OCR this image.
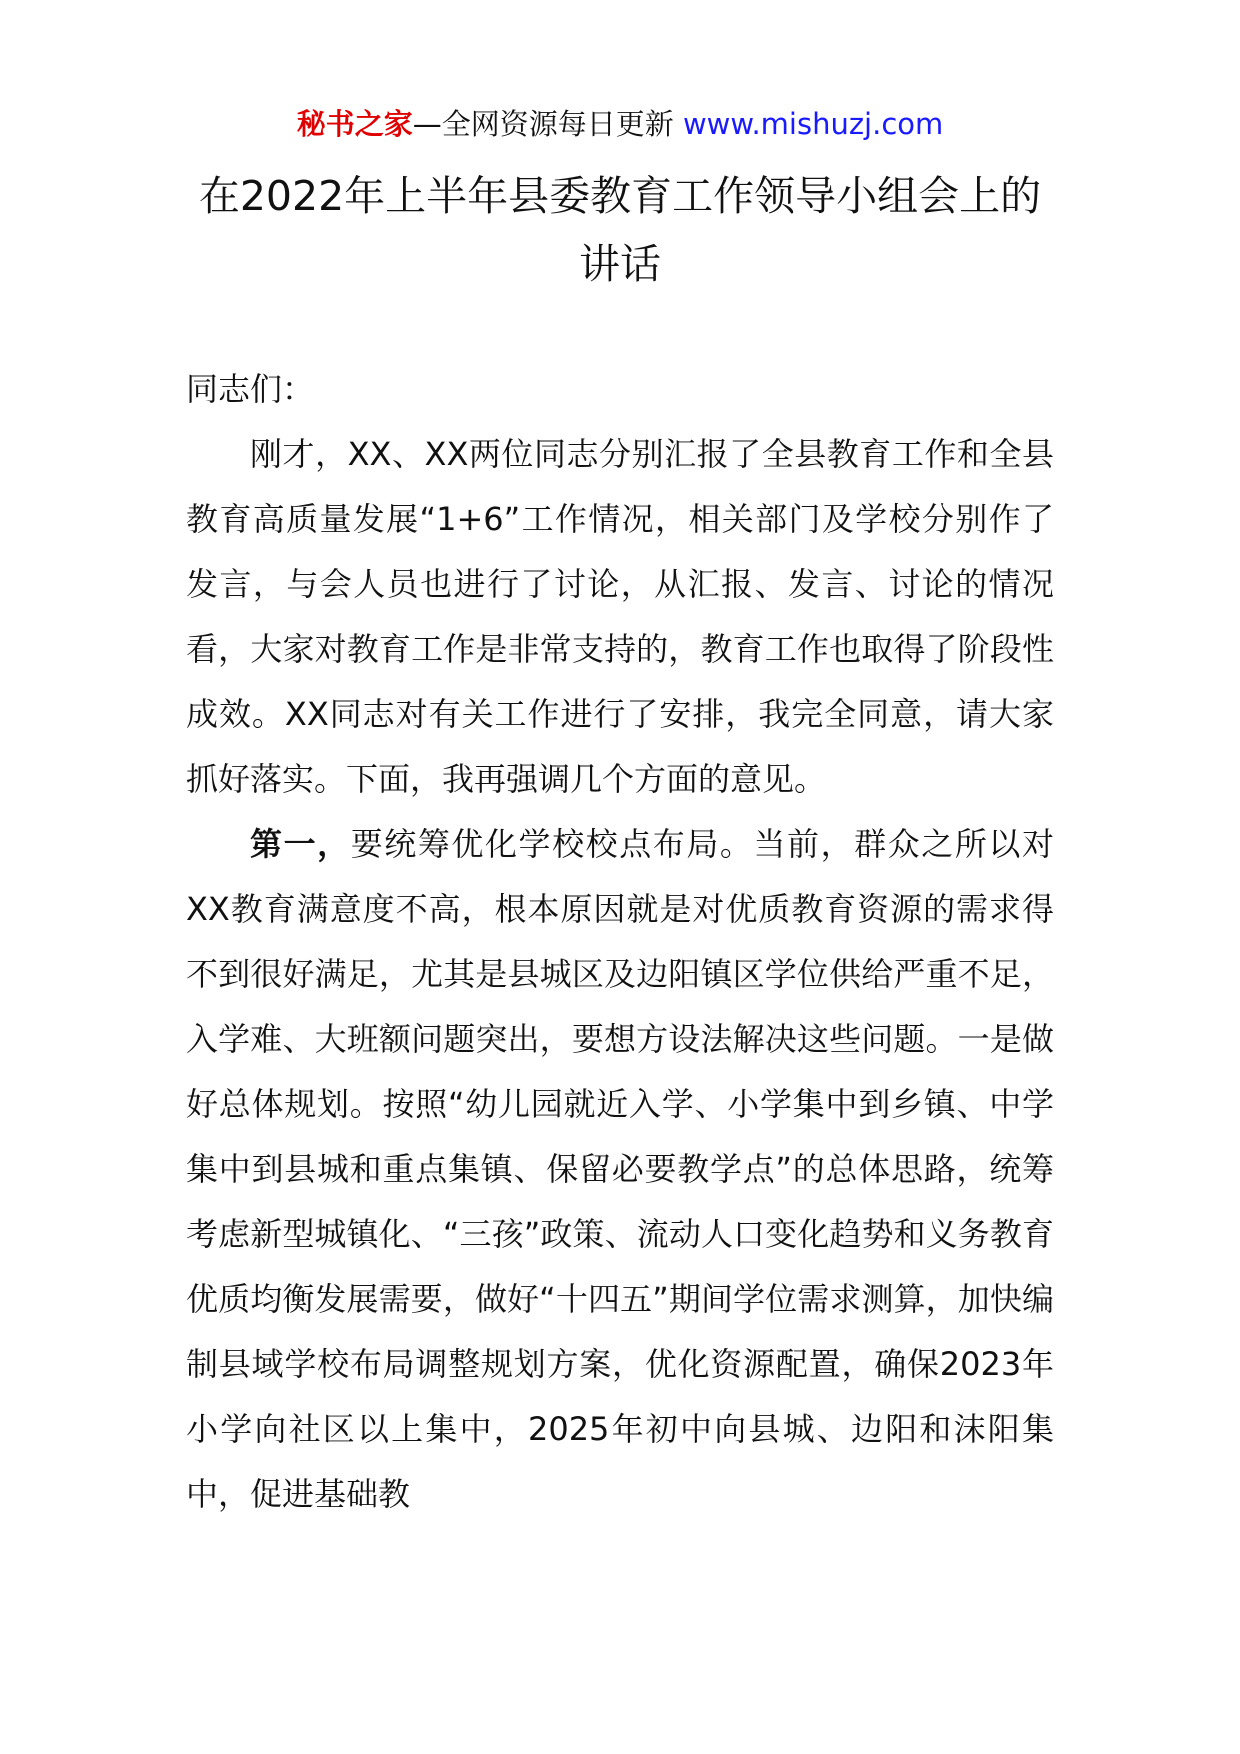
秘书之家—全网资源每日更新 www.mishuzj.com
在2022年上半年县委教育工作领导小组会上的讲话

同志们：

刚才，XX、XX两位同志分别汇报了全县教育工作和全县教育高质量发展“1+6”工作情况，相关部门及学校分别作了发言，与会人员也进行了讨论，从汇报、发言、讨论的情况看，大家对教育工作是非常支持的，教育工作也取得了阶段性成效。XX同志对有关工作进行了安排，我完全同意，请大家抓好落实。下面，我再强调几个方面的意见。

第一，要统筹优化学校校点布局。当前，群众之所以对XX教育满意度不高，根本原因就是对优质教育资源的需求得不到很好满足，尤其是县城区及边阳镇区学位供给严重不足，入学难、大班额问题突出，要想方设法解决这些问题。一是做好总体规划。按照“幼儿园就近入学、小学集中到乡镇、中学集中到县城和重点集镇、保留必要教学点”的总体思路，统筹考虑新型城镇化、“三孩”政策、流动人口变化趋势和义务教育优质均衡发展需要，做好“十四五”期间学位需求测算，加快编制县域学校布局调整规划方案，优化资源配置，确保2023年小学向社区以上集中，2025年初中向县城、边阳和沫阳集中，促进基础教
